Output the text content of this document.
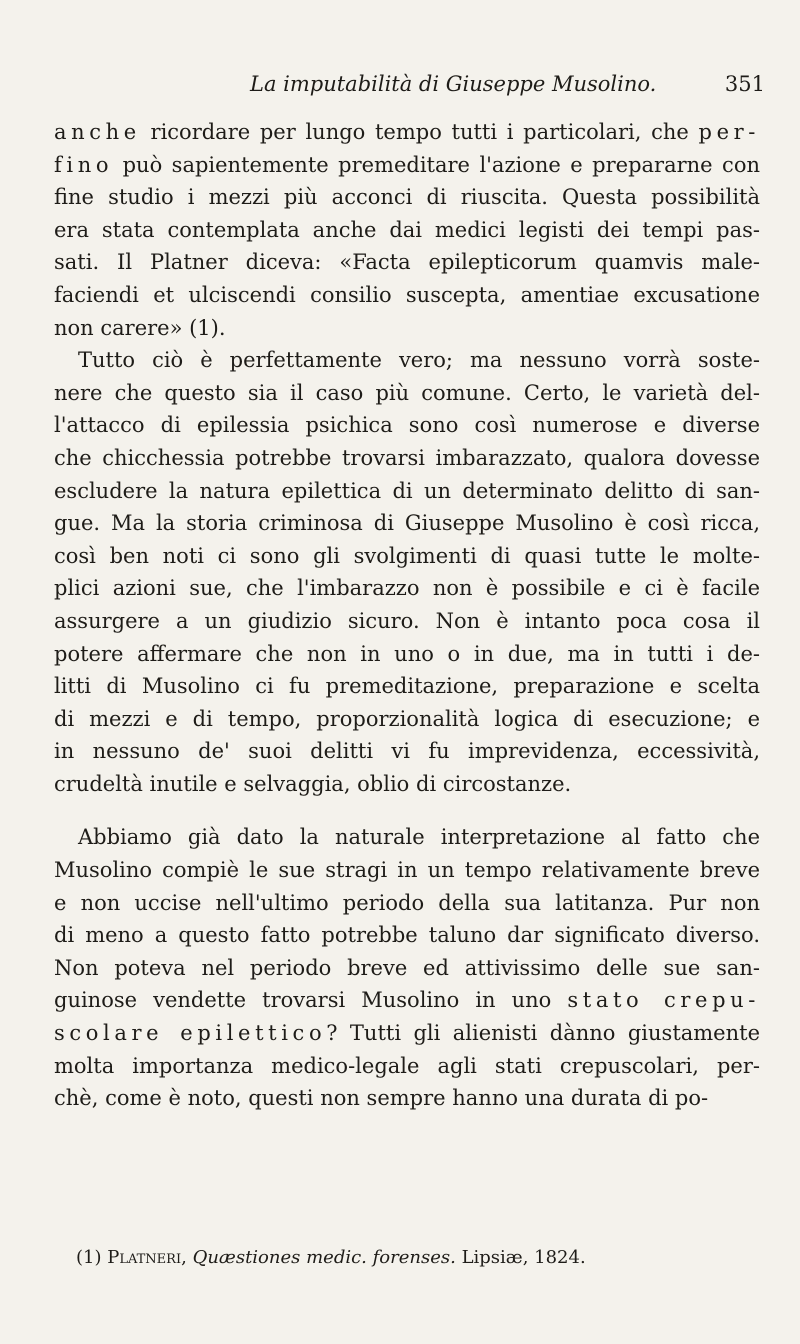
La imputabilità di Giuseppe Musolino.	351
anche ricordare per lungo tempo tutti i particolari, che per-
fino può sapientemente premeditare l'azione e prepararne con
fine studio i mezzi più acconci di riuscita. Questa possibilità
era stata contemplata anche dai medici legisti dei tempi pas-
sati. Il Platner diceva: «Facta epilepticorum quamvis male-
faciendi et ulciscendi consilio suscepta, amentiae excusatione
non carere» (1).
Tutto ciò è perfettamente vero; ma nessuno vorrà soste-
nere che questo sia il caso più comune. Certo, le varietà del-
l'attacco di epilessia psichica sono così numerose e diverse
che chicchessia potrebbe trovarsi imbarazzato, qualora dovesse
escludere la natura epilettica di un determinato delitto di san-
gue. Ma la storia criminosa di Giuseppe Musolino è così ricca,
così ben noti ci sono gli svolgimenti di quasi tutte le molte-
plici azioni sue, che l'imbarazzo non è possibile e ci è facile
assurgere a un giudizio sicuro. Non è intanto poca cosa il
potere affermare che non in uno o in due, ma in tutti i de-
litti di Musolino ci fu premeditazione, preparazione e scelta
di mezzi e di tempo, proporzionalità logica di esecuzione; e
in nessuno de' suoi delitti vi fu imprevidenza, eccessività,
crudeltà inutile e selvaggia, oblio di circostanze.
Abbiamo già dato la naturale interpretazione al fatto che
Musolino compiè le sue stragi in un tempo relativamente breve
e non uccise nell'ultimo periodo della sua latitanza. Pur non
di meno a questo fatto potrebbe taluno dar significato diverso.
Non poteva nel periodo breve ed attivissimo delle sue san-
guinose vendette trovarsi Musolino in uno stato crepu-
scolare epilettico? Tutti gli alienisti dànno giustamente
molta importanza medico-legale agli stati crepuscolari, per-
chè, come è noto, questi non sempre hanno una durata di po-
(1) Platneri, Quæstiones medic. forenses. Lipsiæ, 1824.
